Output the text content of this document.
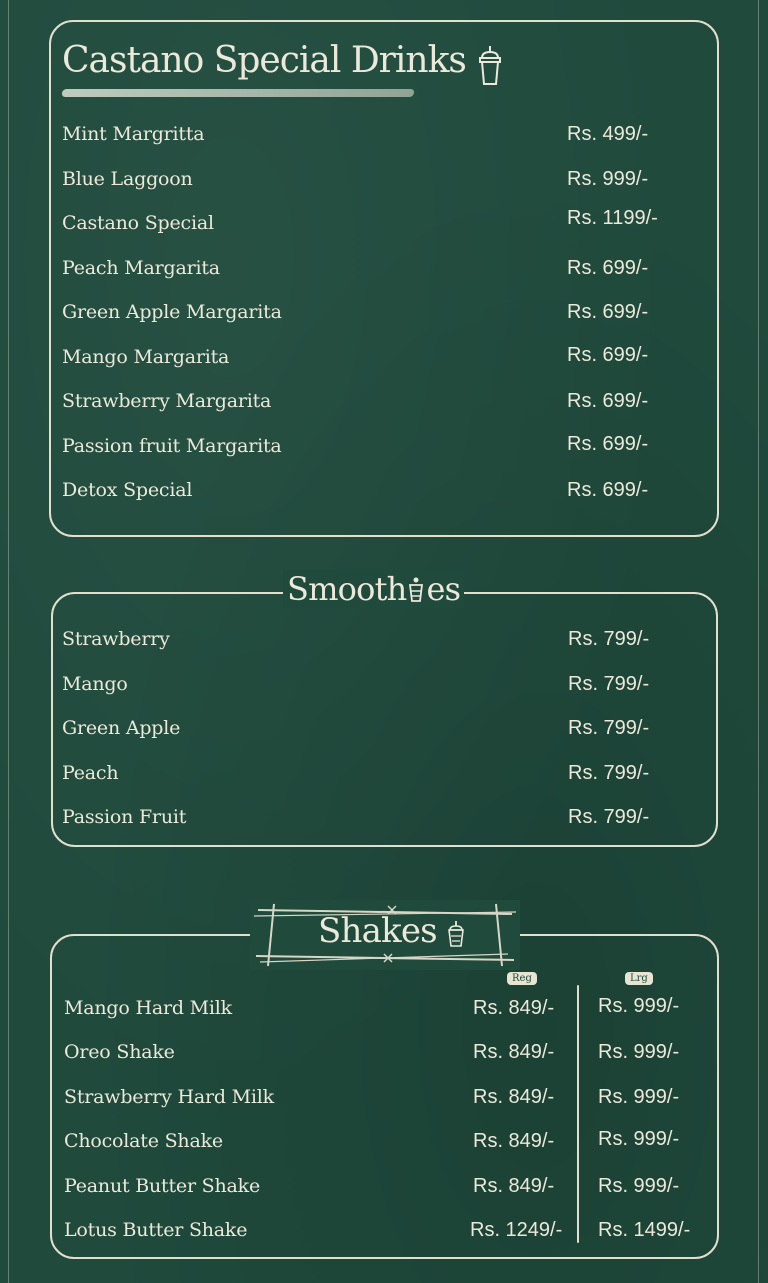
Castano Special Drinks
Mint Margritta	Rs. 499/-
Blue Laggoon	Rs. 999/-
Castano Special	Rs. 1199/-
Peach Margarita	Rs. 699/-
Green Apple Margarita	Rs. 699/-
Mango Margarita	Rs. 699/-
Strawberry Margarita	Rs. 699/-
Passion fruit Margarita	Rs. 699/-
Detox Special	Rs. 699/-
Smooth es
Strawberry	Rs. 799/-
Mango	Rs. 799/-
Green Apple	Rs. 799/-
Peach	Rs. 799/-
Passion Fruit	Rs. 799/-
Shakes
Reg	Lrg
Mango Hard Milk	Rs. 849/- Rs. 999/-
Oreo Shake	Rs. 849/- Rs. 999/-
Strawberry Hard Milk	Rs. 849/- Rs. 999/-
Chocolate Shake	Rs. 849/- Rs. 999/-
Peanut Butter Shake	Rs. 849/- Rs. 999/-
Lotus Butter Shake	Rs. 1249/- Rs. 1499/-
